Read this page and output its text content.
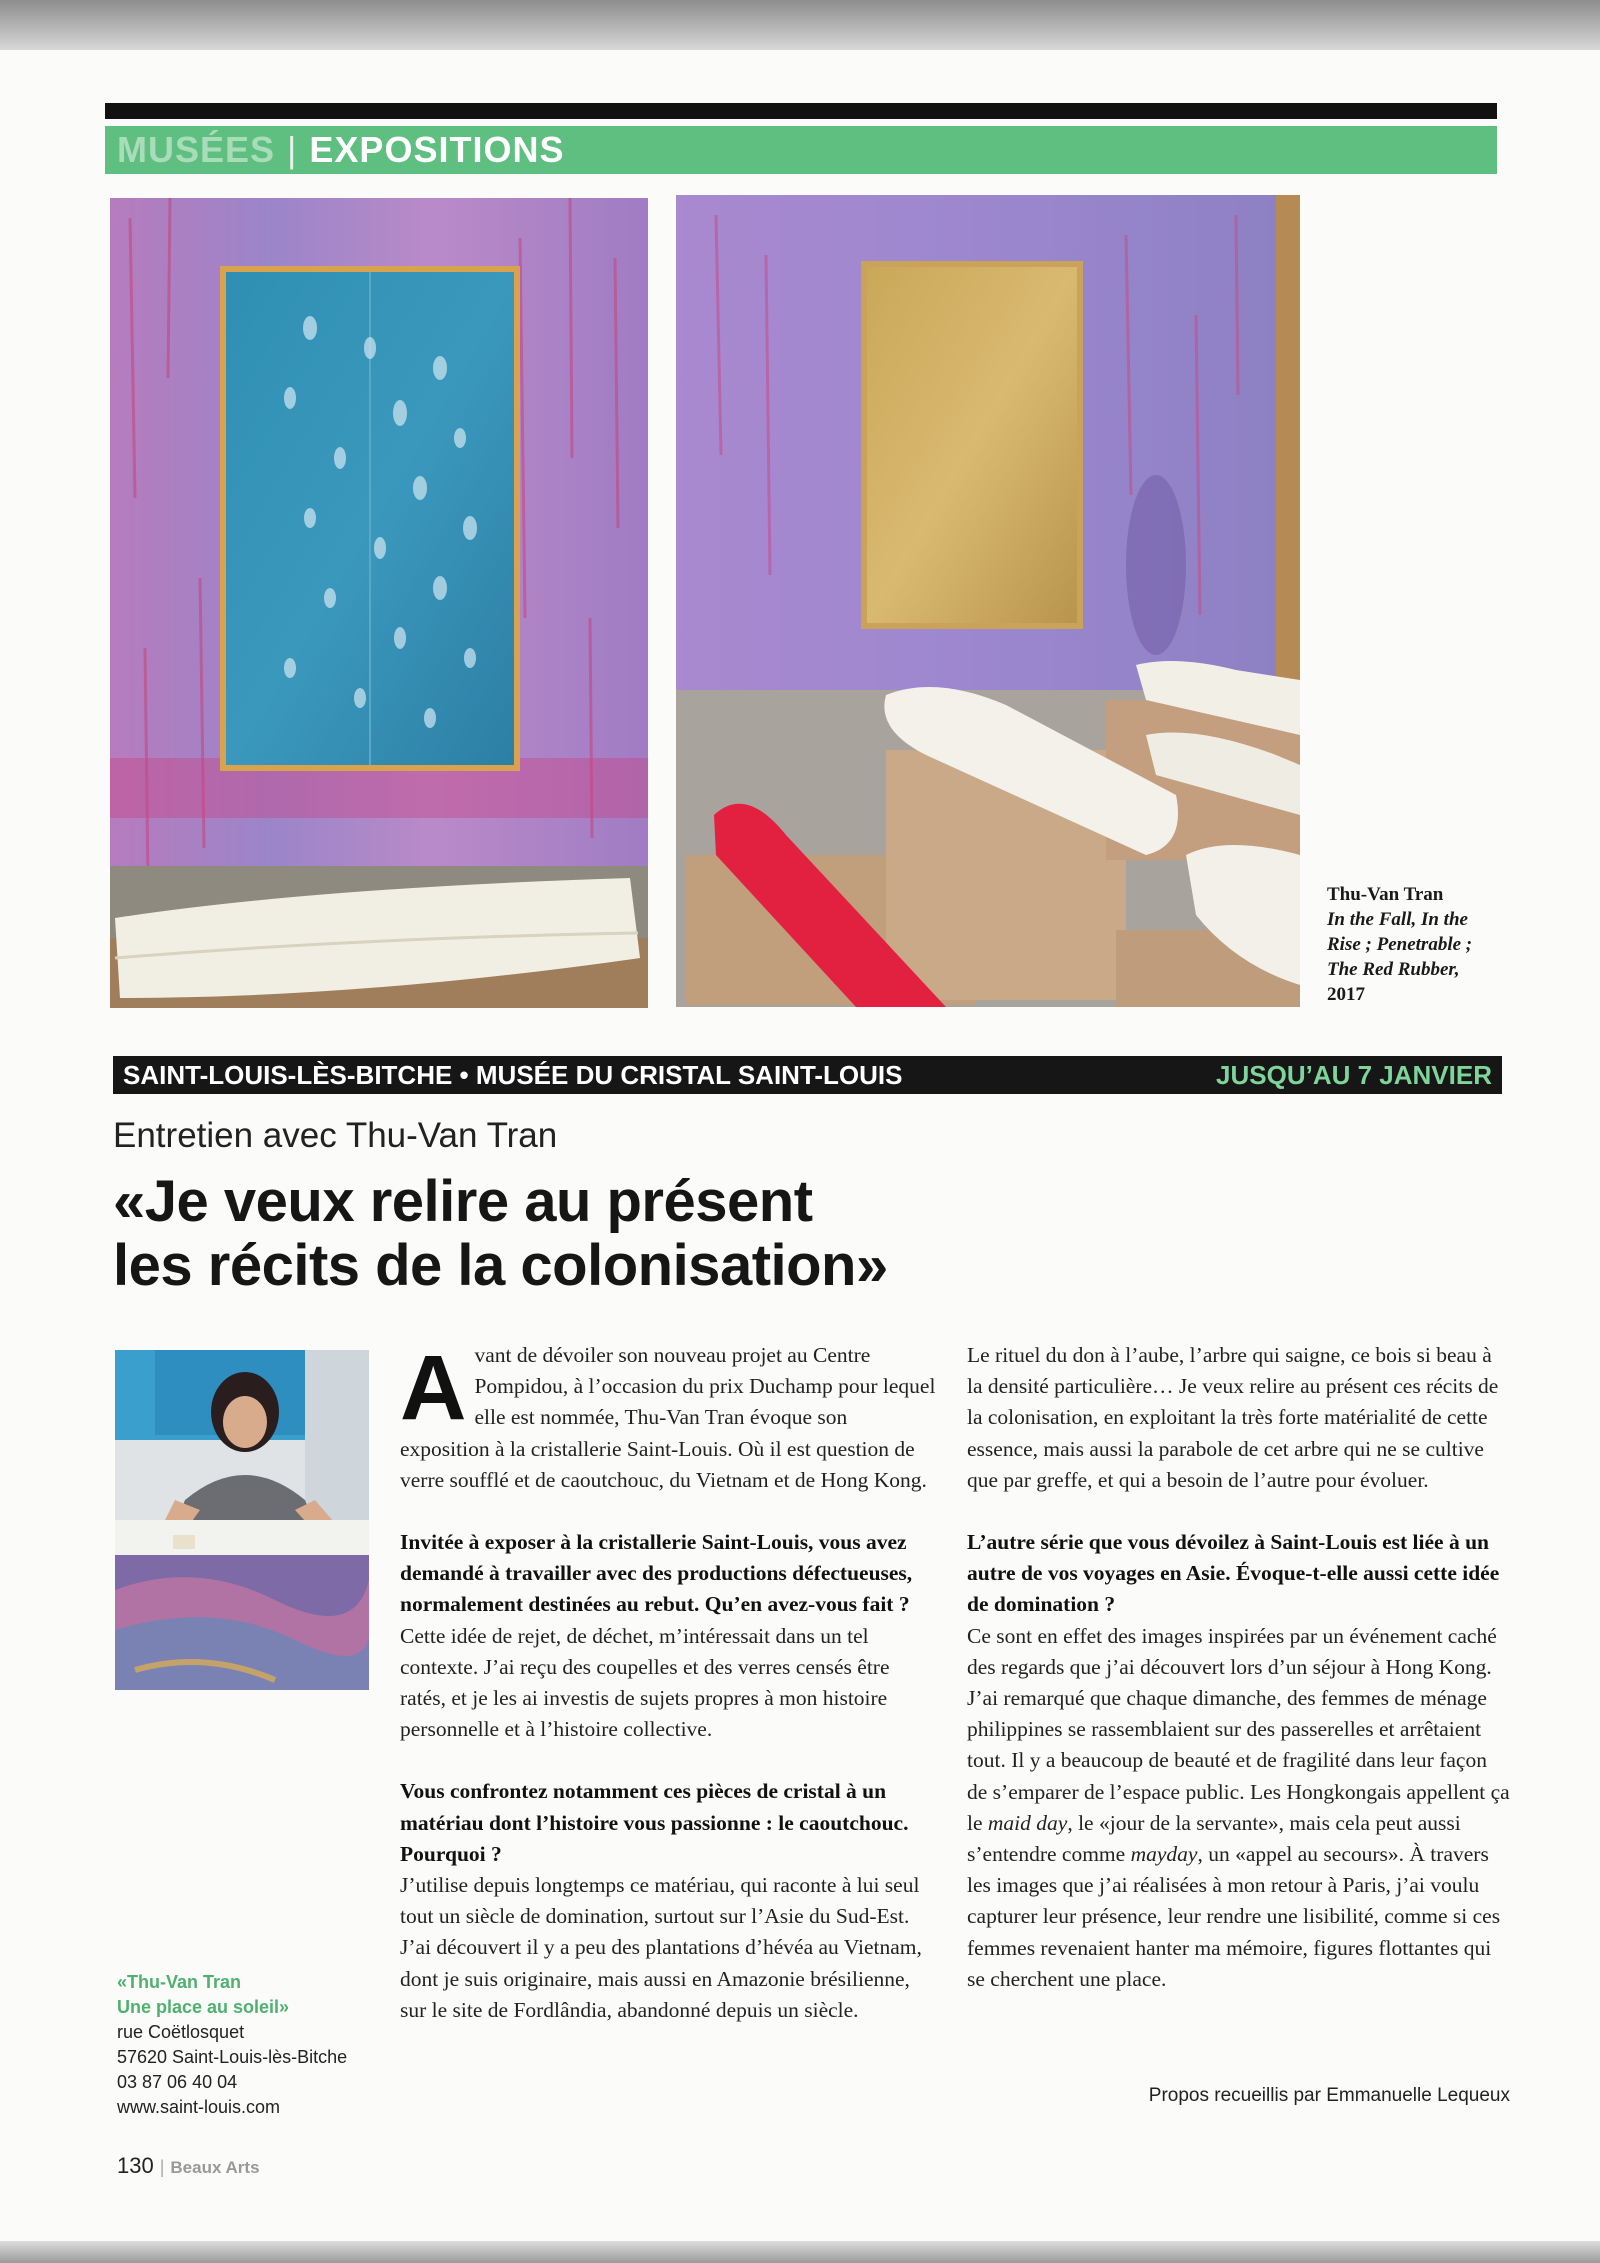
MUSÉES | EXPOSITIONS
Thu-Van Tran
In the Fall, In the Rise ; Penetrable ; The Red Rubber,
2017
SAINT-LOUIS-LÈS-BITCHE • MUSÉE DU CRISTAL SAINT-LOUIS	JUSQU’AU 7 JANVIER
Entretien avec Thu-Van Tran
«Je veux relire au présent
les récits de la colonisation»
«Thu-Van Tran
Une place au soleil»
rue Coëtlosquet
57620 Saint-Louis-lès-Bitche
03 87 06 40 04
www.saint-louis.com

Avant de dévoiler son nouveau projet au Centre Pompidou, à l’occasion du prix Duchamp pour lequel elle est nommée, Thu-Van Tran évoque son exposition à la cristallerie Saint-Louis. Où il est question de verre soufflé et de caoutchouc, du Vietnam et de Hong Kong.

Invitée à exposer à la cristallerie Saint-Louis, vous avez demandé à travailler avec des productions défectueuses, normalement destinées au rebut. Qu’en avez-vous fait ?

Cette idée de rejet, de déchet, m’intéressait dans un tel contexte. J’ai reçu des coupelles et des verres censés être ratés, et je les ai investis de sujets propres à mon histoire personnelle et à l’histoire collective.

Vous confrontez notamment ces pièces de cristal à un matériau dont l’histoire vous passionne : le caoutchouc. Pourquoi ?

J’utilise depuis longtemps ce matériau, qui raconte à lui seul tout un siècle de domination, surtout sur l’Asie du Sud-Est. J’ai découvert il y a peu des plantations d’hévéa au Vietnam, dont je suis originaire, mais aussi en Amazonie brésilienne, sur le site de Fordlândia, abandonné depuis un siècle.

Le rituel du don à l’aube, l’arbre qui saigne, ce bois si beau à la densité particulière… Je veux relire au présent ces récits de la colonisation, en exploitant la très forte matérialité de cette essence, mais aussi la parabole de cet arbre qui ne se cultive que par greffe, et qui a besoin de l’autre pour évoluer.

L’autre série que vous dévoilez à Saint-Louis est liée à un autre de vos voyages en Asie. Évoque-t-elle aussi cette idée de domination ?

Ce sont en effet des images inspirées par un événement caché des regards que j’ai découvert lors d’un séjour à Hong Kong. J’ai remarqué que chaque dimanche, des femmes de ménage philippines se rassemblaient sur des passerelles et arrêtaient tout. Il y a beaucoup de beauté et de fragilité dans leur façon de s’emparer de l’espace public. Les Hongkongais appellent ça le maid day, le «jour de la servante», mais cela peut aussi s’entendre comme mayday, un «appel au secours». À travers les images que j’ai réalisées à mon retour à Paris, j’ai voulu capturer leur présence, leur rendre une lisibilité, comme si ces femmes revenaient hanter ma mémoire, figures flottantes qui se cherchent une place.

Propos recueillis par Emmanuelle Lequeux
130 | Beaux Arts
